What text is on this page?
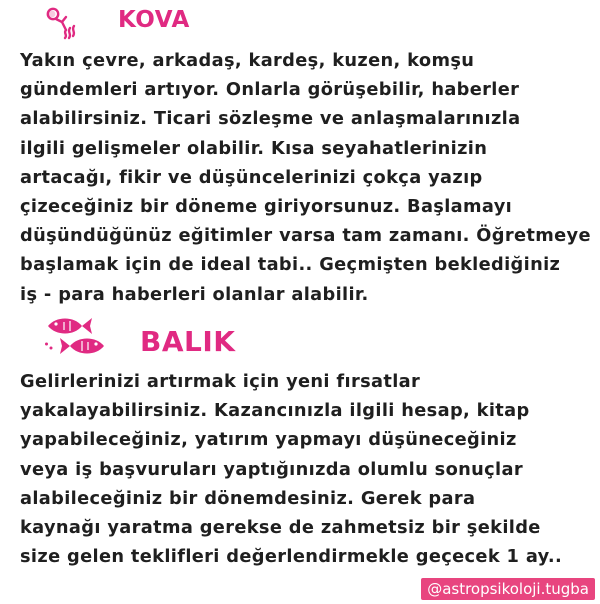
KOVA

Yakın çevre, arkadaş, kardeş, kuzen, komşu
gündemleri artıyor. Onlarla görüşebilir, haberler
alabilirsiniz. Ticari sözleşme ve anlaşmalarınızla
ilgili gelişmeler olabilir. Kısa seyahatlerinizin
artacağı, fikir ve düşüncelerinizi çokça yazıp
çizeceğiniz bir döneme giriyorsunuz. Başlamayı
düşündüğünüz eğitimler varsa tam zamanı. Öğretmeye
başlamak için de ideal tabi.. Geçmişten beklediğiniz
iş - para haberleri olanlar alabilir.

BALIK

Gelirlerinizi artırmak için yeni fırsatlar
yakalayabilirsiniz. Kazancınızla ilgili hesap, kitap
yapabileceğiniz, yatırım yapmayı düşüneceğiniz
veya iş başvuruları yaptığınızda olumlu sonuçlar
alabileceğiniz bir dönemdesiniz. Gerek para
kaynağı yaratma gerekse de zahmetsiz bir şekilde
size gelen teklifleri değerlendirmekle geçecek 1 ay..

@astropsikoloji.tugba
